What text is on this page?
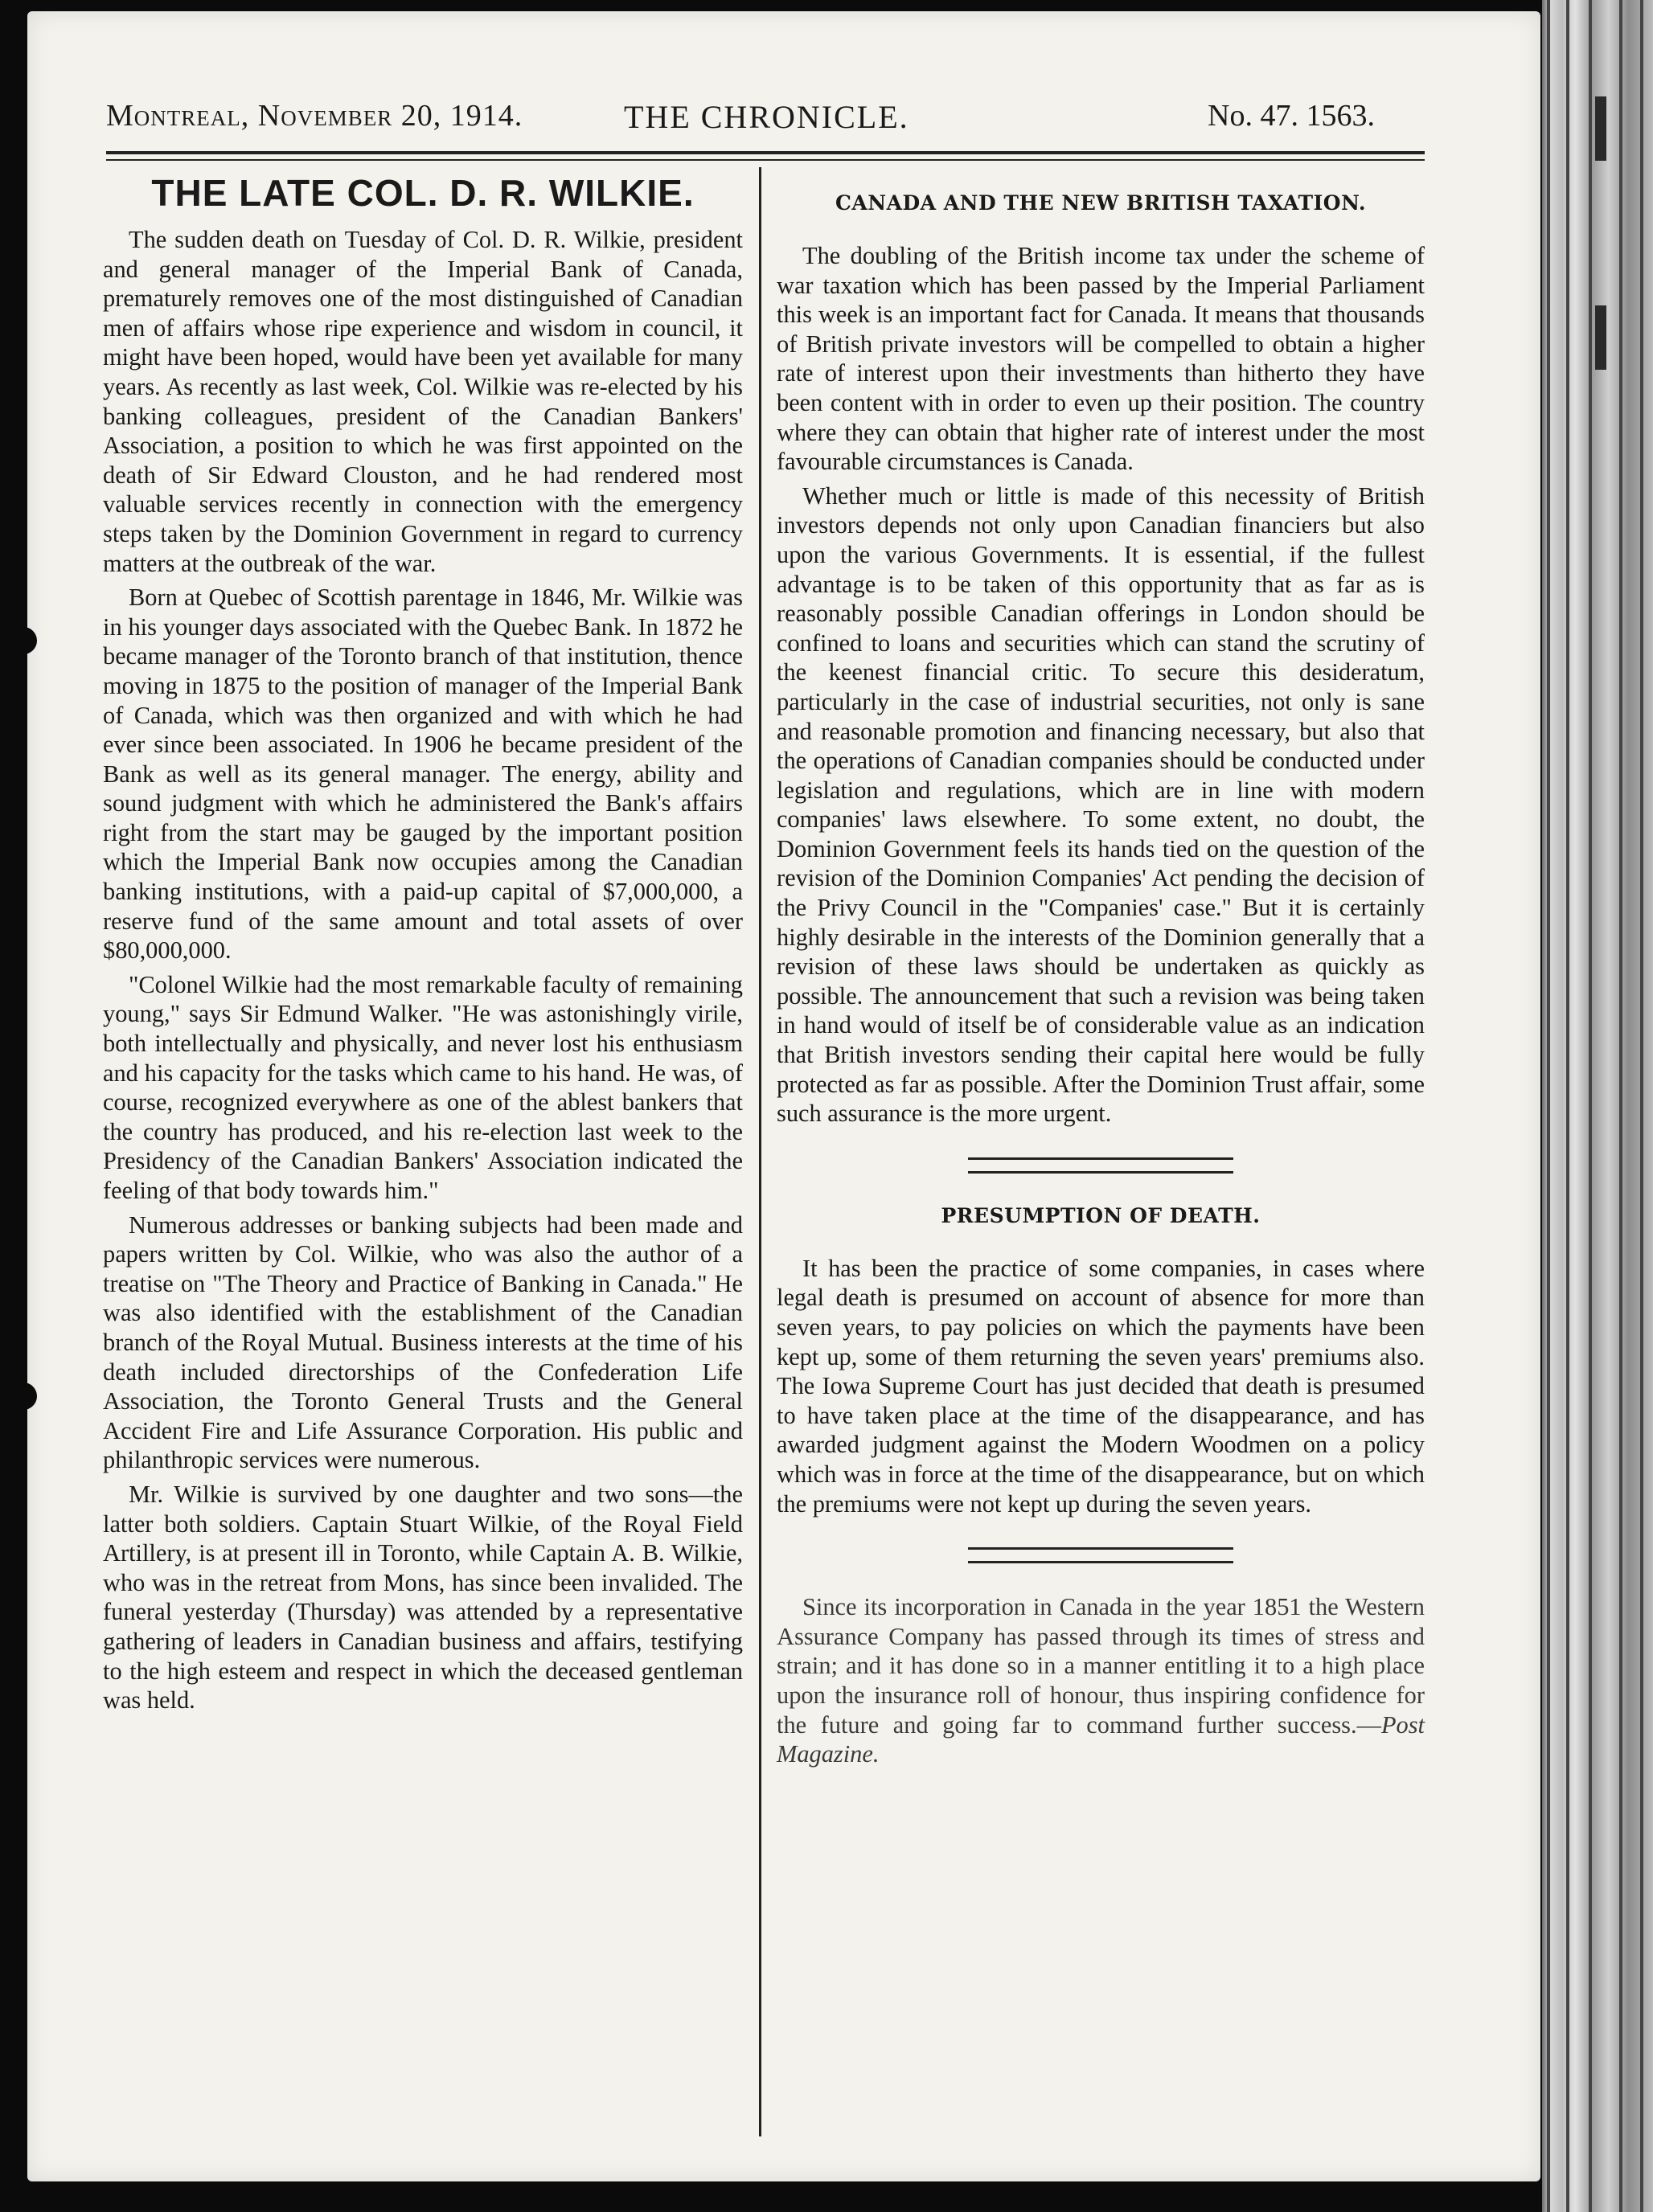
Montreal, November 20, 1914.	THE CHRONICLE.	No. 47. 1563.
THE LATE COL. D. R. WILKIE.

The sudden death on Tuesday of Col. D. R. Wilkie, president and general manager of the Imperial Bank of Canada, prematurely removes one of the most distinguished of Canadian men of affairs whose ripe experience and wisdom in council, it might have been hoped, would have been yet available for many years. As recently as last week, Col. Wilkie was re-elected by his banking colleagues, president of the Canadian Bankers' Association, a position to which he was first appointed on the death of Sir Edward Clouston, and he had rendered most valuable services recently in connection with the emergency steps taken by the Dominion Government in regard to currency matters at the outbreak of the war.

Born at Quebec of Scottish parentage in 1846, Mr. Wilkie was in his younger days associated with the Quebec Bank. In 1872 he became manager of the Toronto branch of that institution, thence moving in 1875 to the position of manager of the Imperial Bank of Canada, which was then organized and with which he had ever since been associated. In 1906 he became president of the Bank as well as its general manager. The energy, ability and sound judgment with which he administered the Bank's affairs right from the start may be gauged by the important position which the Imperial Bank now occupies among the Canadian banking institutions, with a paid-up capital of $7,000,000, a reserve fund of the same amount and total assets of over $80,000,000.

"Colonel Wilkie had the most remarkable faculty of remaining young," says Sir Edmund Walker. "He was astonishingly virile, both intellectually and physically, and never lost his enthusiasm and his capacity for the tasks which came to his hand. He was, of course, recognized everywhere as one of the ablest bankers that the country has produced, and his re-election last week to the Presidency of the Canadian Bankers' Association indicated the feeling of that body towards him."

Numerous addresses or banking subjects had been made and papers written by Col. Wilkie, who was also the author of a treatise on "The Theory and Practice of Banking in Canada." He was also identified with the establishment of the Canadian branch of the Royal Mutual. Business interests at the time of his death included directorships of the Confederation Life Association, the Toronto General Trusts and the General Accident Fire and Life Assurance Corporation. His public and philanthropic services were numerous.

Mr. Wilkie is survived by one daughter and two sons—the latter both soldiers. Captain Stuart Wilkie, of the Royal Field Artillery, is at present ill in Toronto, while Captain A. B. Wilkie, who was in the retreat from Mons, has since been invalided. The funeral yesterday (Thursday) was attended by a representative gathering of leaders in Canadian business and affairs, testifying to the high esteem and respect in which the deceased gentleman was held.

CANADA AND THE NEW BRITISH TAXATION.

The doubling of the British income tax under the scheme of war taxation which has been passed by the Imperial Parliament this week is an important fact for Canada. It means that thousands of British private investors will be compelled to obtain a higher rate of interest upon their investments than hitherto they have been content with in order to even up their position. The country where they can obtain that higher rate of interest under the most favourable circumstances is Canada.

Whether much or little is made of this necessity of British investors depends not only upon Canadian financiers but also upon the various Governments. It is essential, if the fullest advantage is to be taken of this opportunity that as far as is reasonably possible Canadian offerings in London should be confined to loans and securities which can stand the scrutiny of the keenest financial critic. To secure this desideratum, particularly in the case of industrial securities, not only is sane and reasonable promotion and financing necessary, but also that the operations of Canadian companies should be conducted under legislation and regulations, which are in line with modern companies' laws elsewhere. To some extent, no doubt, the Dominion Government feels its hands tied on the question of the revision of the Dominion Companies' Act pending the decision of the Privy Council in the "Companies' case." But it is certainly highly desirable in the interests of the Dominion generally that a revision of these laws should be undertaken as quickly as possible. The announcement that such a revision was being taken in hand would of itself be of considerable value as an indication that British investors sending their capital here would be fully protected as far as possible. After the Dominion Trust affair, some such assurance is the more urgent.

PRESUMPTION OF DEATH.

It has been the practice of some companies, in cases where legal death is presumed on account of absence for more than seven years, to pay policies on which the payments have been kept up, some of them returning the seven years' premiums also. The Iowa Supreme Court has just decided that death is presumed to have taken place at the time of the disappearance, and has awarded judgment against the Modern Woodmen on a policy which was in force at the time of the disappearance, but on which the premiums were not kept up during the seven years.

Since its incorporation in Canada in the year 1851 the Western Assurance Company has passed through its times of stress and strain; and it has done so in a manner entitling it to a high place upon the insurance roll of honour, thus inspiring confidence for the future and going far to command further success.—Post Magazine.
